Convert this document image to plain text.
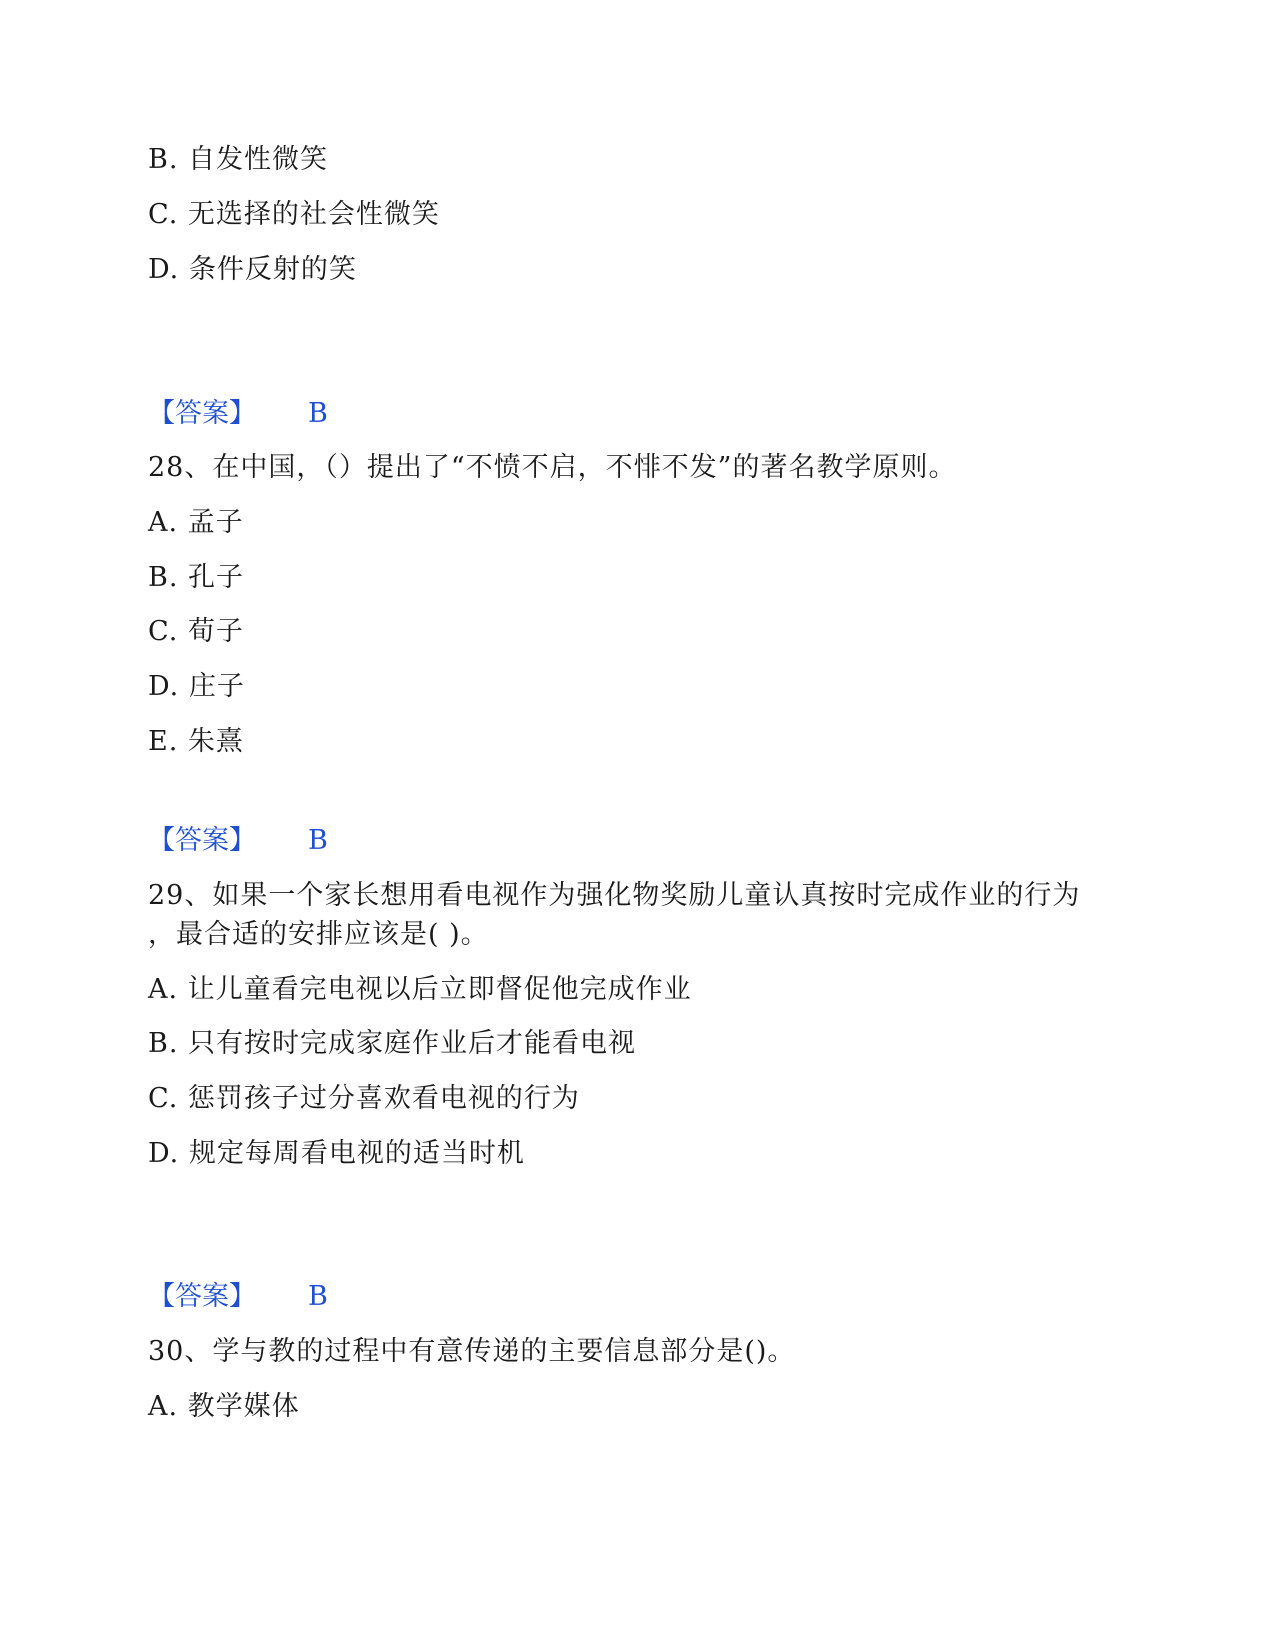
B. 自发性微笑
C. 无选择的社会性微笑
D. 条件反射的笑
【答案】 B
28、在中国，（）提出了“不愤不启，不悱不发”的著名教学原则。
A. 孟子
B. 孔子
C. 荀子
D. 庄子
E. 朱熹
【答案】 B
29、如果一个家长想用看电视作为强化物奖励儿童认真按时完成作业的行为
，最合适的安排应该是( )。
A. 让儿童看完电视以后立即督促他完成作业
B. 只有按时完成家庭作业后才能看电视
C. 惩罚孩子过分喜欢看电视的行为
D. 规定每周看电视的适当时机
【答案】 B
30、学与教的过程中有意传递的主要信息部分是()。
A. 教学媒体
